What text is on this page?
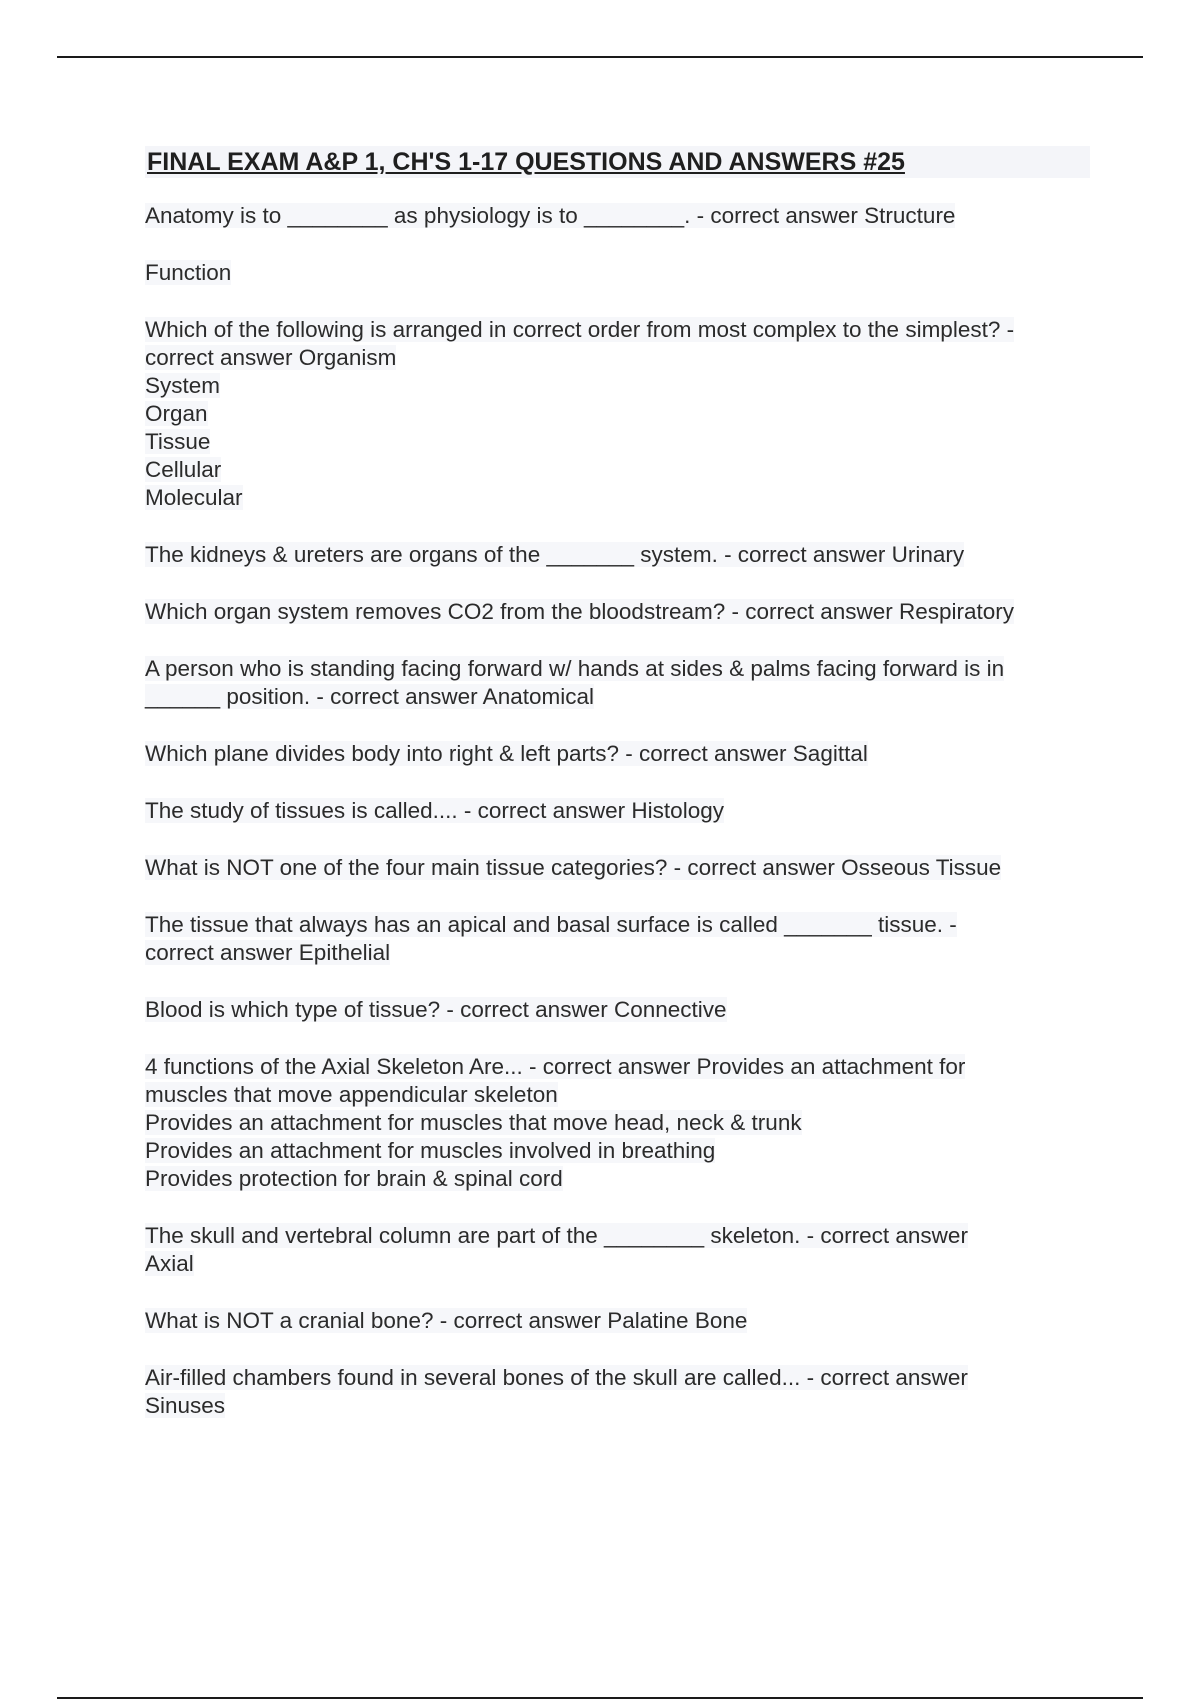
FINAL EXAM A&P 1, CH'S 1-17 QUESTIONS AND ANSWERS #25
Anatomy is to ________ as physiology is to ________. - correct answer Structure
Function
Which of the following is arranged in correct order from most complex to the simplest? -
correct answer Organism
System
Organ
Tissue
Cellular
Molecular
The kidneys & ureters are organs of the _______ system. - correct answer Urinary
Which organ system removes CO2 from the bloodstream? - correct answer Respiratory
A person who is standing facing forward w/ hands at sides & palms facing forward is in
______ position. - correct answer Anatomical
Which plane divides body into right & left parts? - correct answer Sagittal
The study of tissues is called.... - correct answer Histology
What is NOT one of the four main tissue categories? - correct answer Osseous Tissue
The tissue that always has an apical and basal surface is called _______ tissue. -
correct answer Epithelial
Blood is which type of tissue? - correct answer Connective
4 functions of the Axial Skeleton Are... - correct answer Provides an attachment for
muscles that move appendicular skeleton
Provides an attachment for muscles that move head, neck & trunk
Provides an attachment for muscles involved in breathing
Provides protection for brain & spinal cord
The skull and vertebral column are part of the ________ skeleton. - correct answer
Axial
What is NOT a cranial bone? - correct answer Palatine Bone
Air-filled chambers found in several bones of the skull are called... - correct answer
Sinuses
